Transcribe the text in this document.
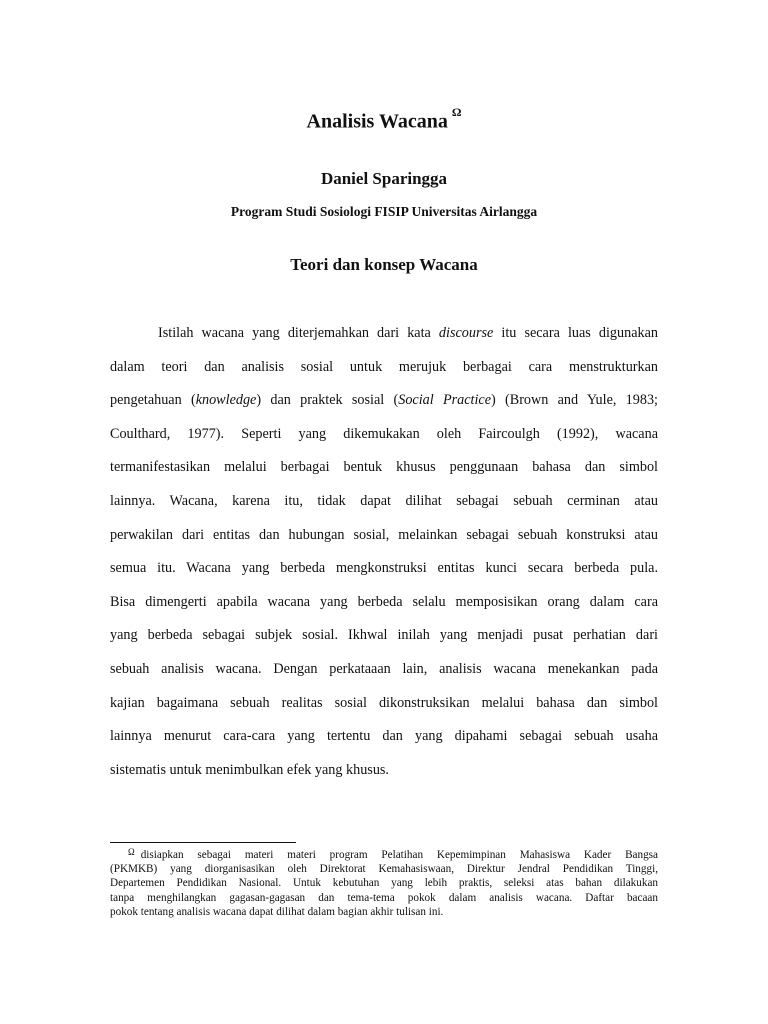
Analisis Wacana $^\Omega$
Daniel Sparingga
Program Studi Sosiologi FISIP Universitas Airlangga
Teori dan konsep Wacana
Istilah wacana yang diterjemahkan dari kata discourse itu secara luas digunakan
dalam teori dan analisis sosial untuk merujuk berbagai cara menstrukturkan
pengetahuan (knowledge) dan praktek sosial (Social Practice) (Brown and Yule, 1983;
Coulthard, 1977). Seperti yang dikemukakan oleh Faircoulgh (1992), wacana
termanifestasikan melalui berbagai bentuk khusus penggunaan bahasa dan simbol
lainnya. Wacana, karena itu, tidak dapat dilihat sebagai sebuah cerminan atau
perwakilan dari entitas dan hubungan sosial, melainkan sebagai sebuah konstruksi atau
semua itu. Wacana yang berbeda mengkonstruksi entitas kunci secara berbeda pula.
Bisa dimengerti apabila wacana yang berbeda selalu memposisikan orang dalam cara
yang berbeda sebagai subjek sosial. Ikhwal inilah yang menjadi pusat perhatian dari
sebuah analisis wacana. Dengan perkataaan lain, analisis wacana menekankan pada
kajian bagaimana sebuah realitas sosial dikonstruksikan melalui bahasa dan simbol
lainnya menurut cara-cara yang tertentu dan yang dipahami sebagai sebuah usaha
sistematis untuk menimbulkan efek yang khusus.
$^\Omega$ disiapkan sebagai materi materi program Pelatihan Kepemimpinan Mahasiswa Kader Bangsa
(PKMKB) yang diorganisasikan oleh Direktorat Kemahasiswaan, Direktur Jendral Pendidikan Tinggi,
Departemen Pendidikan Nasional. Untuk kebutuhan yang lebih praktis, seleksi atas bahan dilakukan
tanpa menghilangkan gagasan-gagasan dan tema-tema pokok dalam analisis wacana. Daftar bacaan
pokok tentang analisis wacana dapat dilihat dalam bagian akhir tulisan ini.
